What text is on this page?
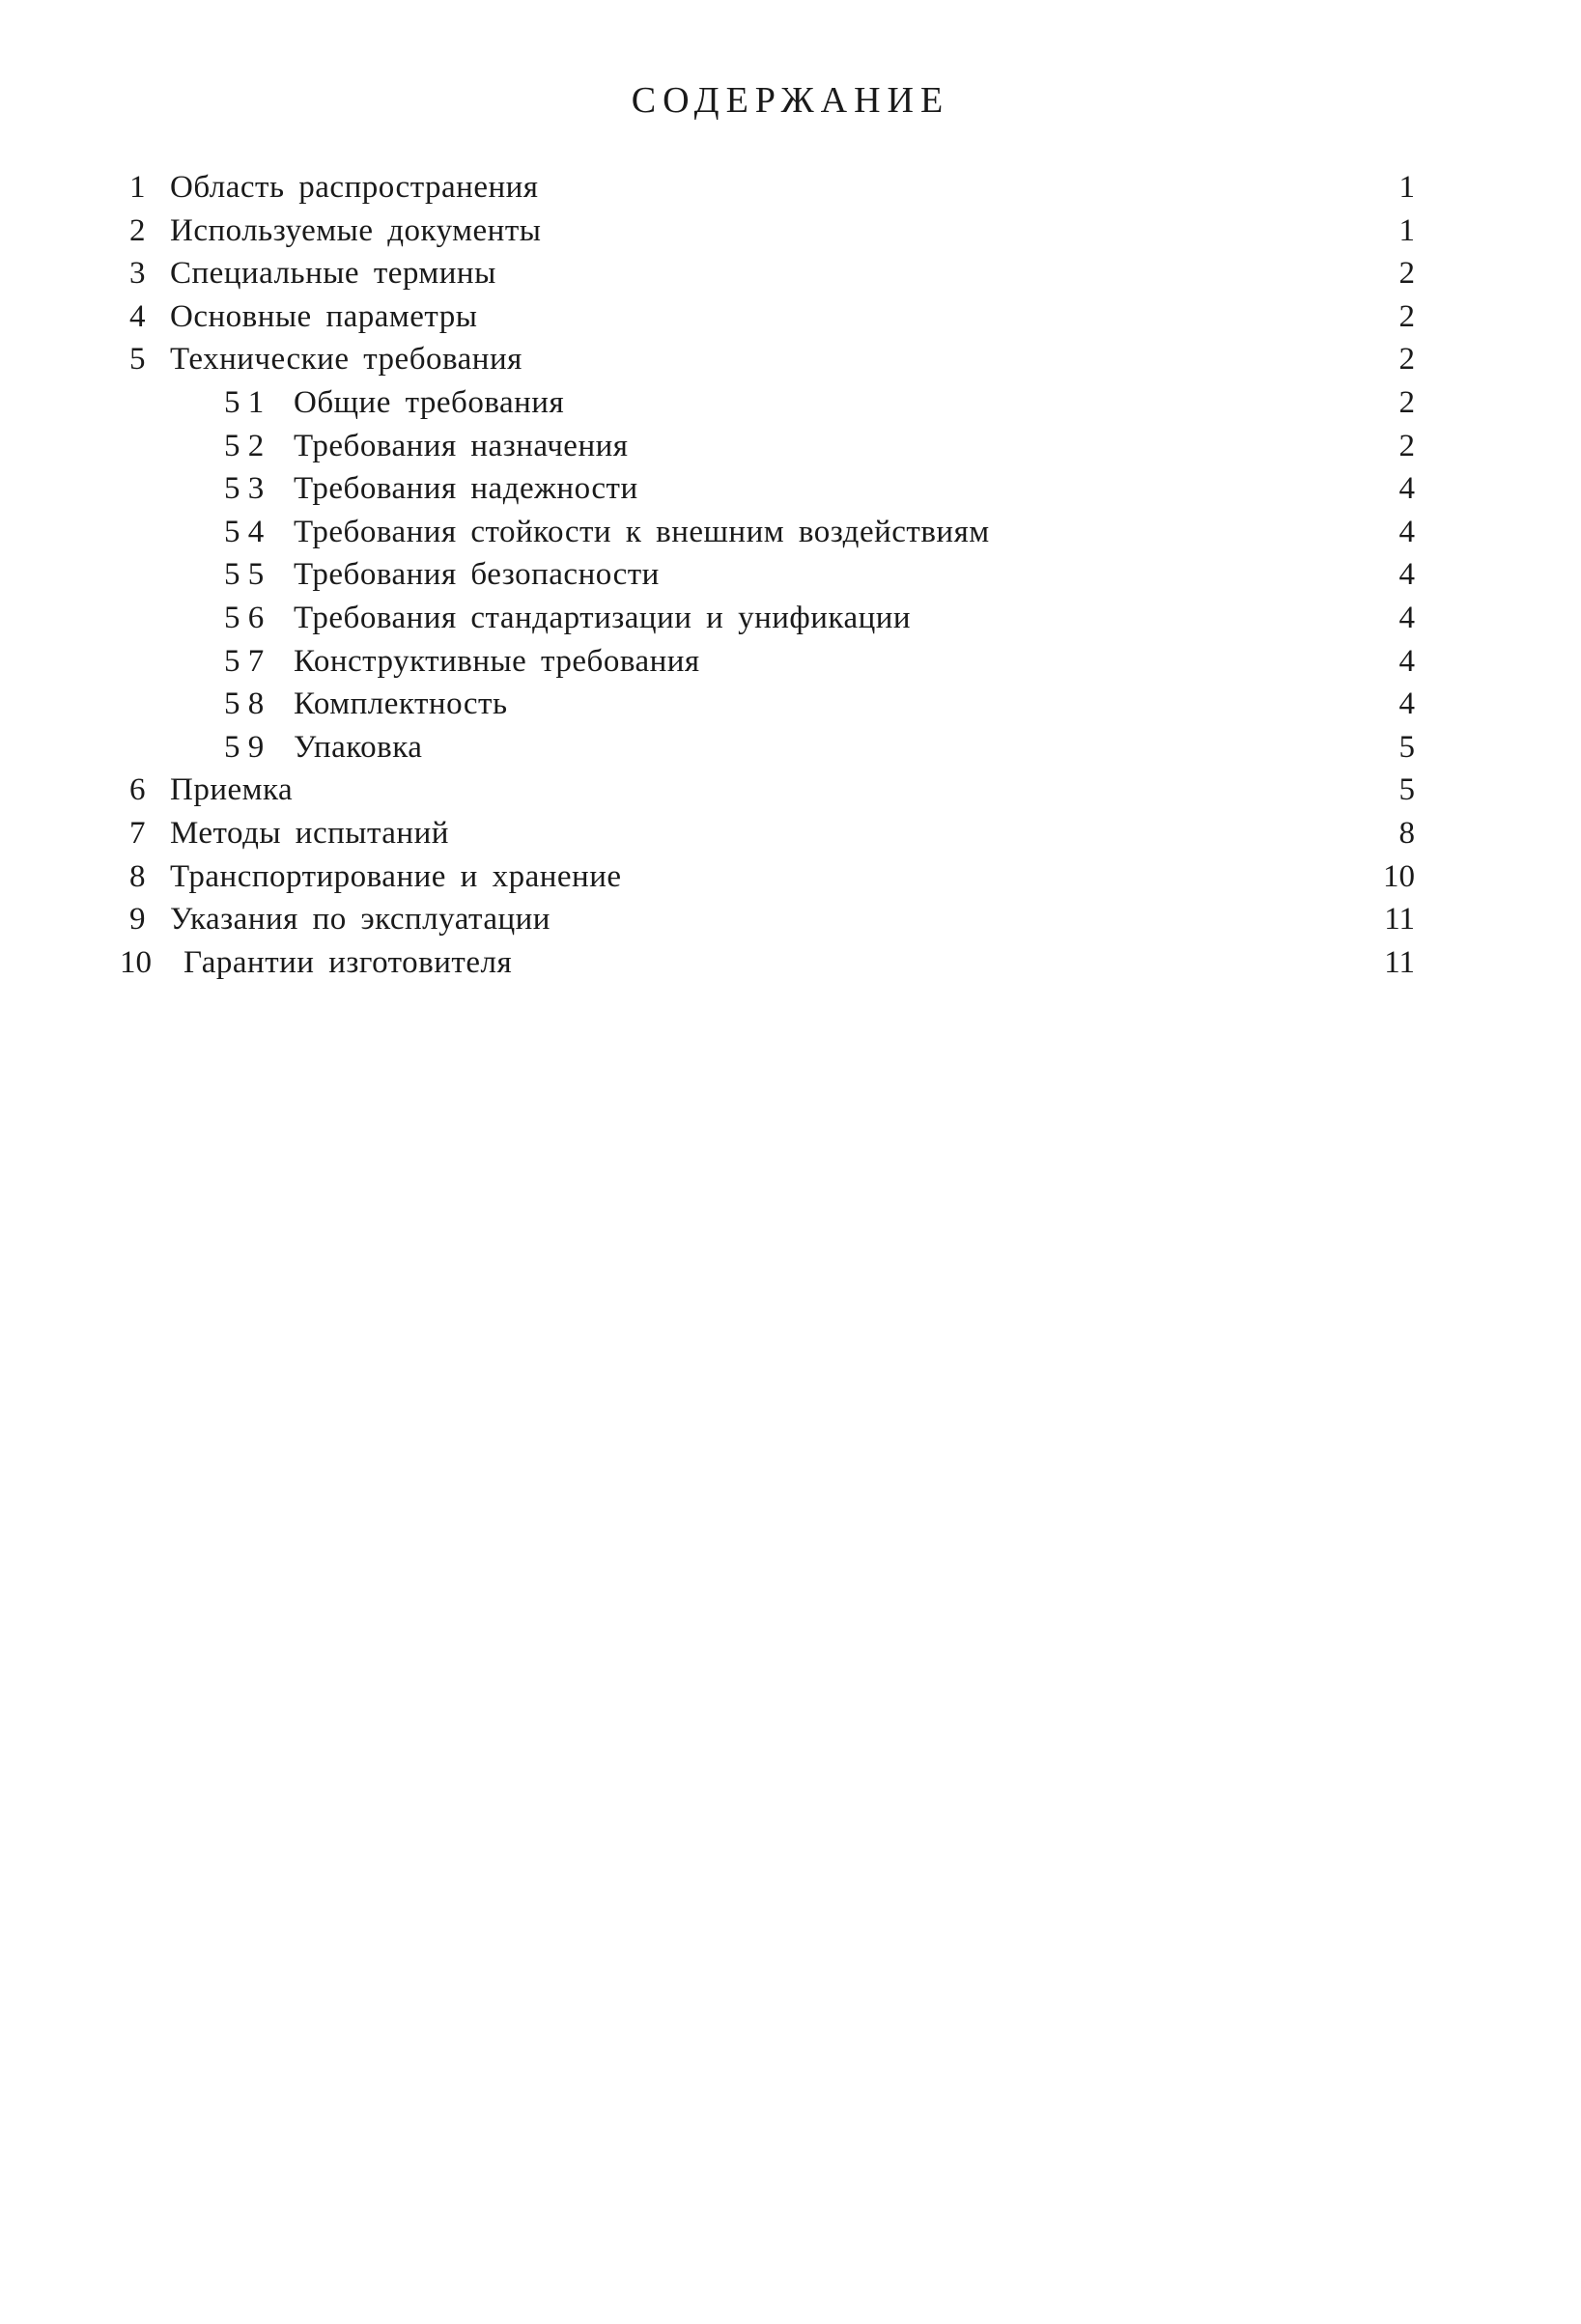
СОДЕРЖАНИЕ
1 Область распространения	1
2 Используемые документы	1
3 Специальные термины	2
4 Основные параметры	2
5 Технические требования	2
5 1 Общие требования	2
5 2 Требования назначения	2
5 3 Требования надежности	4
5 4 Требования стойкости к внешним воздействиям	4
5 5 Требования безопасности	4
5 6 Требования стандартизации и унификации	4
5 7 Конструктивные требования	4
5 8 Комплектность	4
5 9 Упаковка	5
6 Приемка	5
7 Методы испытаний	8
8 Транспортирование и хранение	10
9 Указания по эксплуатации	11
10 Гарантии изготовителя	11
